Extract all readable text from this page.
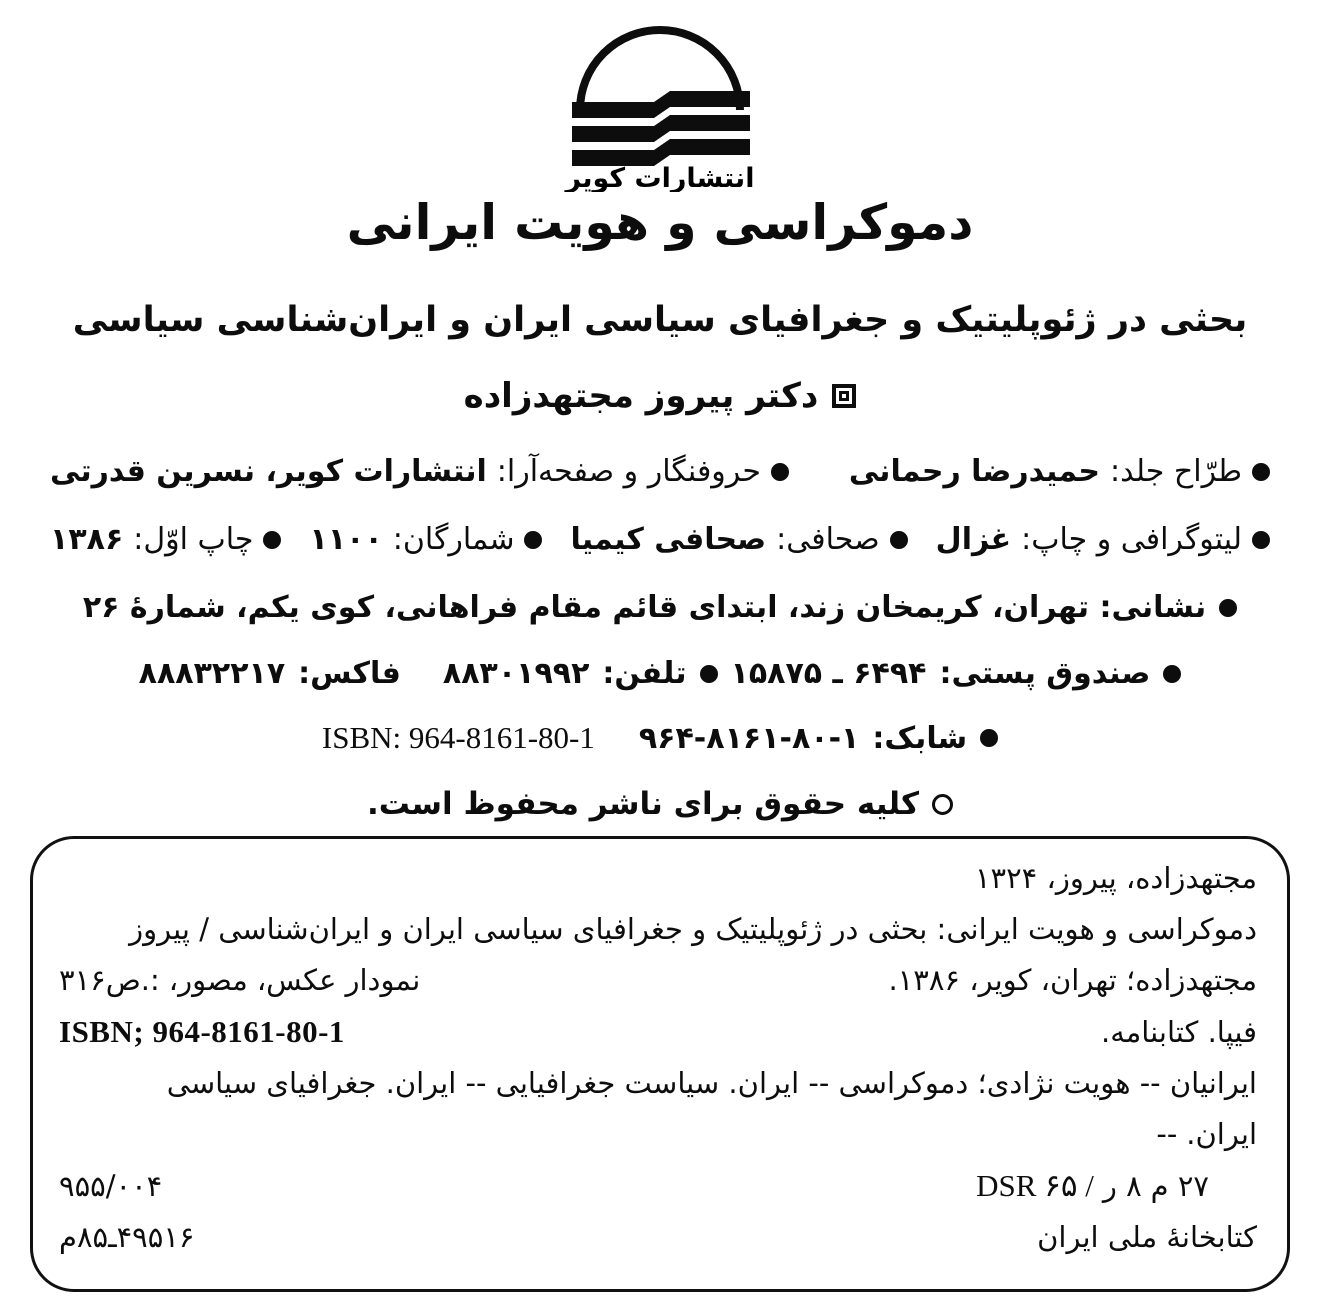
انتشارات کویر
دموکراسی و هویت ایرانی
بحثی در ژئوپلیتیک و جغرافیای سیاسی ایران و ایران‌شناسی سیاسی
دکتر پیروز مجتهدزاده
طرّاح جلد:
حمیدرضا رحمانی
حروفنگار و صفحه‌آرا:
انتشارات کویر، نسرین قدرتی
لیتوگرافی و چاپ:
غزال
صحافی:
صحافی کیمیا
شمارگان:
۱۱۰۰
چاپ اوّل:
۱۳۸۶
نشانی: تهران، کریمخان زند، ابتدای قائم مقام فراهانی، کوی یکم، شمارهٔ ۲۶
صندوق پستی:
۱۵۸۷۵ ـ ۶۴۹۴
تلفن:
۸۸۳۰۱۹۹۲
فاکس:
۸۸۸۳۲۲۱۷
شابک:
۹۶۴-۸۱۶۱-۸۰-۱
ISBN: 964-8161-80-1
کلیه حقوق برای ناشر محفوظ است.
مجتهدزاده، پیروز، ۱۳۲۴
دموکراسی و هویت ایرانی: بحثی در ژئوپلیتیک و جغرافیای سیاسی ایران و ایران‌شناسی / پیروز
مجتهدزاده؛ تهران، کویر، ۱۳۸۶.
۳۱۶ص.: مصور، عکس، نمودار
فیپا. کتابنامه.
ISBN; 964-8161-80-1
ایرانیان -- هویت نژادی؛ دموکراسی -- ایران. سیاست جغرافیایی -- ایران. جغرافیای سیاسی
-- ایران.
DSR ۶۵ / ر ۸ م ۲۷
۹۵۵/۰۰۴
کتابخانهٔ ملی ایران
م۸۵ـ۴۹۵۱۶
